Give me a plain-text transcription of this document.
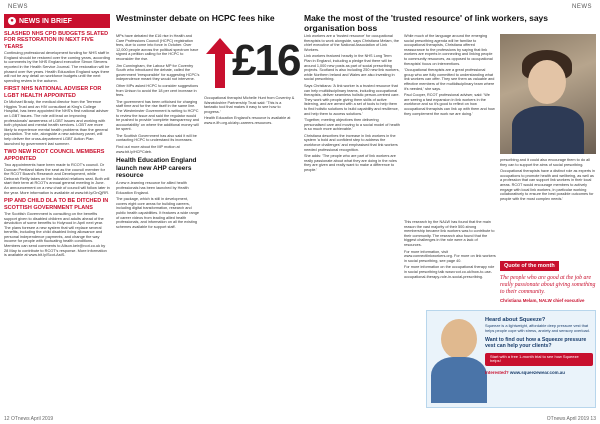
NEWS	NEWS
● NEWS IN BRIEF
SLASHED NHS CPD BUDGETS SLATED FOR RESTORATION IN NEXT FIVE YEARS
Continuing professional development funding for NHS staff in England should be restored over the coming years, according to comments by the NHS England executive Simon Stevens reported in the Health Service Journal. The restoration will be phased over five years. Health Education England says there will not be any detail on workforce budgets until the next spending review in the autumn.
FIRST NHS NATIONAL ADVISER FOR LGBT HEALTH APPOINTED
Dr Michael Brady, the medical director from the Terrence Higgins Trust and an HIV consultant at King's College Hospital, has been appointed the NHS's first national adviser on LGBT issues. The role will lead on improving professionals' awareness of LGBT issues and working with both physical and mental health services. LGBT are more likely to experience mental health problems than the general population. The role, alongside a new advisory panel, will help deliver the cross-department LGBT Action Plan launched by government last summer.
TWO NEW RCOT COUNCIL MEMBERS APPOINTED
Two appointments have been made to RCOT's council. Dr Duncan Pentland takes the seat as the council member for the RCOT Board's Research and Development, while Deborah Reilly takes on the industrial relations seat. Both will start their term at RCOT's annual general meeting in June. An announcement on a new chair of council will follow later in the year. More information is available at www.bit.ly/OnQjRR.
PIP AND CHILD DLA TO BE DITCHED IN SCOTTISH GOVERNMENT PLANS
The Scottish Government is consulting on the benefits support given to disabled children and adults ahead of the devolution of some benefits to Holyrood in April next year. The plans foresee a new system that will replace several benefits, including the child disabled living allowance and personal independence payments, and change the way income for people with fluctuating health conditions. Members can send comments to Alison.keir@rcot.co.uk by 28 May to contribute to RCOT's response. More information is available at www.bit.ly/Scot-AstS.
Westminster debate on HCPC fees hike

MPs have debated the £16 rise in Health and Care Professions Council (HCPC) registration fees, due to come into force in October. Over 12,000 people across the political spectrum have signed a petition calling for the HCPC to reconsider the rise.

Jim Cunningham, the Labour MP for Coventry South who introduced the debate, called the government 'irresponsible' for suggesting HCPC's independence meant they would not intervene.

Other MPs asked HCPC to consider suggestions from Unison to avoid the 18 per cent increase in fees.

The government has been criticised for charging staff time and for the rise itself in the same line. The Westminster Government is writing to HCPC to review the issue and said the regulator would be pushed to provide 'complete transparency and accountability' on where the additional money will be spent.

The Scottish Government has also said it will be contacting HCPC to understand its increases.

Find out more about the MP motion at www.bit.ly/HCPCdeb.

Health Education England launch new AHP careers resource

A new e-learning resource for allied health professionals has been launched by Health Education England.

The package, which is still in development, covers eight core areas for building careers, including digital transformation, research and public health capabilities. It features a wide range of career videos from leading allied health professionals, and information on all the existing schemes available for support staff.

£16

Occupational therapist Michelle Hunt from Coventry & Warwickshire Partnership Trust said: 'This is a fantastic tool that makes it easy to see how to progress.'

Health Education England's resource is available at www.e-lfh.org.uk/ahp-careers-resources.

12 OTnews April 2019
Make the most of the 'trusted resource' of link workers, says organisation boss

Link workers are a 'trusted resource' for occupational therapists to work alongside, says Christiana Melam, the chief executive of the National Association of Link Workers.

Link workers featured heavily in the NHS Long Term Plan in England, including a pledge that there will be around 1,000 new posts as part of social prescribing projects. Scotland is also including 250 new link workers, while Northern Ireland and Wales are also investing in social prescribing.

Says Christiana: 'A link worker is a trusted resource that can help multidisciplinary teams, including occupational therapists, deliver seamless holistic person-centred care. They work with people giving them skills of active listening, and are armed with a set of tools to help them to find holistic solutions to build capability and resilience, and help them to access solutions.'

'Together, meeting objectives then delivering personalised care and moving to a social model of health is so much more achievable.'

Christiana describes the increase in link workers in the system 'a bold and confident step to address the workforce challenges' and emphasised that link workers needed professional recognition.

She adds: 'The people who are part of link workers are really passionate about what they are doing in the roles they are given and really want to make a difference to people.'

While much of the language around the emerging social prescribing agenda will be familiar to occupational therapists, Christiana offered reassurance to the professions by saying that link workers are experts in connecting and linking people to community resources, as opposed to occupational therapists' focus on interventions.

'Occupational therapists are a great professional group who are fully committed to understanding what link workers can offer. They see them as valuable and effective members of the multidisciplinary team where it's needed,' she says.

Paul Cooper, RCOT professional adviser, said: 'We are seeing a fast expansion in link workers in the workforce and so it's good to reflect on how occupational therapists can link up with them and how they complement the work we are doing.'

prescribing and it could also encourage them to do all they can to support the aims of social prescribing.

Occupational therapists have a distinct role as experts in occupations to promote health and wellbeing, as well as a profession that can support link workers in their local areas. RCOT would encourage members to actively engage with local link workers, in particular working collaboratively to ensure the best possible outcomes for people with the most complex needs.'

Quote of the month
The people who are good at the job are really passionate about giving something to their community.
Christiana Melam, NALW chief executive

This research by the NALW has found that the main reason the vast majority of their 500-strong membership became link workers was to contribute to their community. The research also found that the biggest challenges in the role were a lack of resources.

For more information, visit www.connectlinkworkers.org. For more on link workers in social prescribing, see page 40.

For more information on the occupational therapy role in social prescribing talk www.rcot.co.uk/how-to-use-occupational-therapy-role-in-social-prescribing.

Heard about Squeeze?
Squeeze is a lightweight, affordable deep pressure vest that helps people cope with stress, anxiety and sensory overload.
Want to find out how a Squeeze pressure vest can help your clients?
Start with a free 1-month trial to see how Squeeze helps!
Interested? www.squeezewear.com.au
OTnews April 2019 13
